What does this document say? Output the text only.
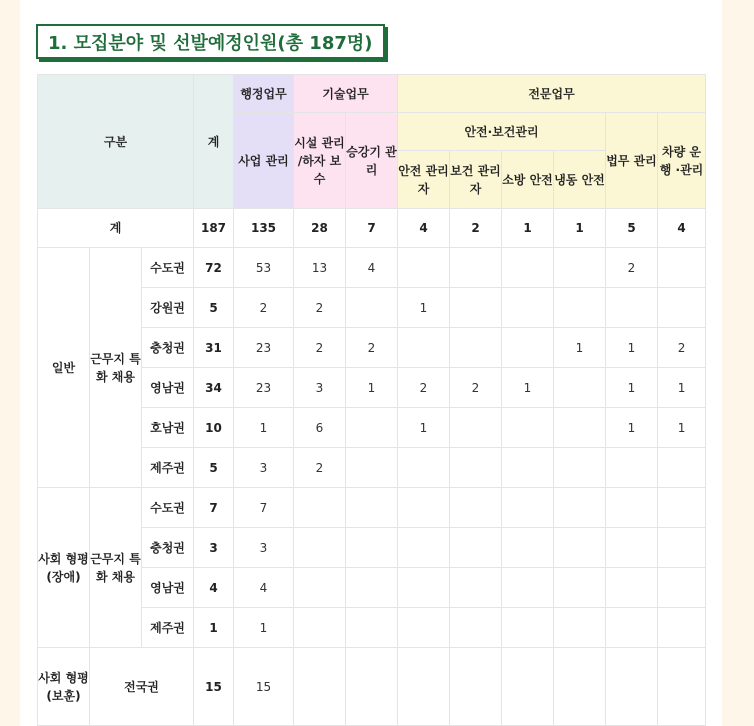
1. 모집분야 및 선발예정인원(총 187명)
구분			계	행정업무	기술업무		전문업무					
				사업 관리	시설 관리 /하자 보수	승강기 관리	안전·보건관리				법무 관리	차량 운행 ·관리
							안전 관리자	보건 관리자	소방 안전	냉동 안전		
계			187	135	28	7	4	2	1	1	5	4
일반	근무지 특화 채용	수도권	72	53	13	4					2	
		강원권	5	2	2		1					
		충청권	31	23	2	2				1	1	2
		영남권	34	23	3	1	2	2	1		1	1
		호남권	10	1	6		1				1	1
		제주권	5	3	2							
사회 형평 (장애)	근무지 특화 채용	수도권	7	7								
		충청권	3	3								
		영남권	4	4								
		제주권	1	1								
사회 형평 (보훈)	전국권		15	15								
